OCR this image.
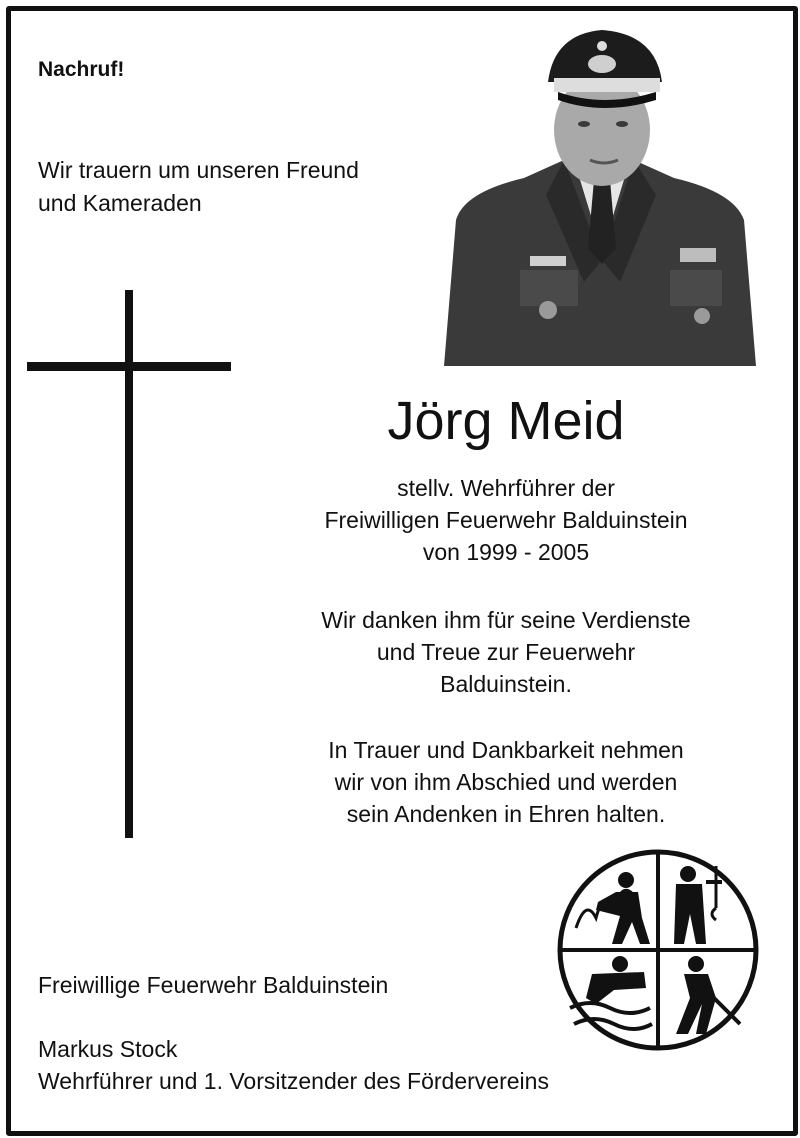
Nachruf!
Wir trauern um unseren Freund
und Kameraden
Jörg Meid
stellv. Wehrführer der
Freiwilligen Feuerwehr Balduinstein
von 1999 - 2005
Wir danken ihm für seine Verdienste
und Treue zur Feuerwehr
Balduinstein.
In Trauer und Dankbarkeit nehmen
wir von ihm Abschied und werden
sein Andenken in Ehren halten.
Freiwillige Feuerwehr Balduinstein
Markus Stock
Wehrführer und 1. Vorsitzender des Fördervereins
